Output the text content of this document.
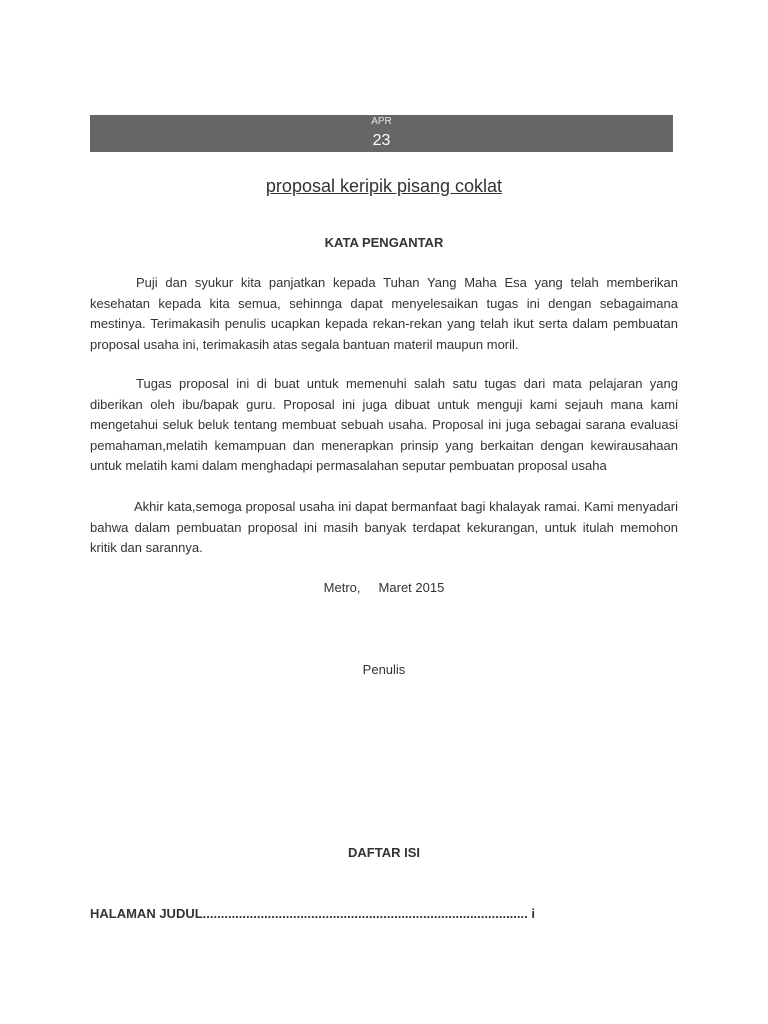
APR
23
proposal keripik pisang coklat
KATA PENGANTAR

Puji dan syukur kita panjatkan kepada Tuhan Yang Maha Esa yang telah memberikan kesehatan kepada kita semua, sehinnga dapat menyelesaikan tugas ini dengan sebagaimana mestinya. Terimakasih penulis ucapkan kepada rekan-rekan yang telah ikut serta dalam pembuatan proposal usaha ini, terimakasih atas segala bantuan materil maupun moril.

Tugas proposal ini di buat untuk memenuhi salah satu tugas dari mata pelajaran yang diberikan oleh ibu/bapak guru. Proposal ini juga dibuat untuk menguji kami sejauh mana kami mengetahui seluk beluk tentang membuat sebuah usaha. Proposal ini juga sebagai sarana evaluasi pemahaman,melatih kemampuan dan menerapkan prinsip yang berkaitan dengan kewirausahaan untuk melatih kami dalam menghadapi permasalahan seputar pembuatan proposal usaha

Akhir kata,semoga proposal usaha ini dapat bermanfaat bagi khalayak ramai. Kami menyadari bahwa dalam pembuatan proposal ini masih banyak terdapat kekurangan, untuk itulah memohon kritik dan sarannya.

Metro,     Maret 2015
Penulis
DAFTAR ISI
HALAMAN JUDUL.......................................................................................... i
